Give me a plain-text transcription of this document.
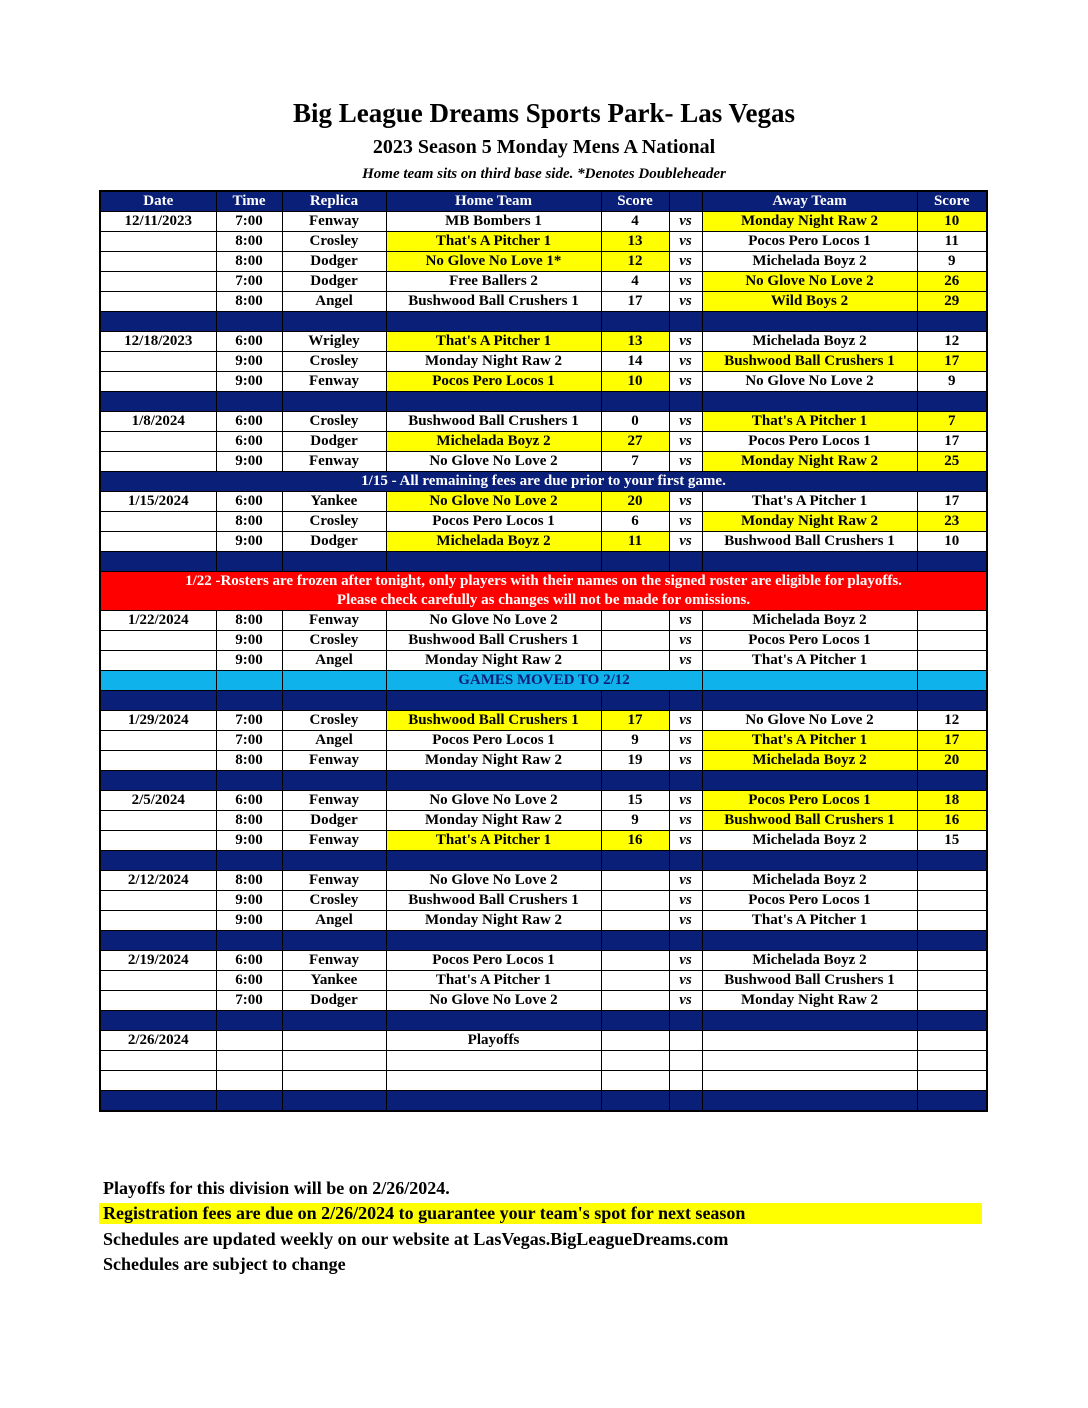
Big League Dreams Sports Park- Las Vegas
2023 Season 5 Monday Mens A National
Home team sits on third base side. *Denotes Doubleheader
Date	Time	Replica	Home Team	Score		Away Team	Score
12/11/2023	7:00	Fenway	MB Bombers 1	4	vs	Monday Night Raw 2	10
	8:00	Crosley	That's A Pitcher 1	13	vs	Pocos Pero Locos 1	11
	8:00	Dodger	No Glove No Love 1*	12	vs	Michelada Boyz 2	9
	7:00	Dodger	Free Ballers 2	4	vs	No Glove No Love 2	26
	8:00	Angel	Bushwood Ball Crushers 1	17	vs	Wild Boys 2	29

12/18/2023	6:00	Wrigley	That's A Pitcher 1	13	vs	Michelada Boyz 2	12
	9:00	Crosley	Monday Night Raw 2	14	vs	Bushwood Ball Crushers 1	17
	9:00	Fenway	Pocos Pero Locos 1	10	vs	No Glove No Love 2	9

1/8/2024	6:00	Crosley	Bushwood Ball Crushers 1	0	vs	That's A Pitcher 1	7
	6:00	Dodger	Michelada Boyz 2	27	vs	Pocos Pero Locos 1	17
	9:00	Fenway	No Glove No Love 2	7	vs	Monday Night Raw 2	25
1/15 - All remaining fees are due prior to your first game.							
1/15/2024	6:00	Yankee	No Glove No Love 2	20	vs	That's A Pitcher 1	17
	8:00	Crosley	Pocos Pero Locos 1	6	vs	Monday Night Raw 2	23
	9:00	Dodger	Michelada Boyz 2	11	vs	Bushwood Ball Crushers 1	10

1/22 -Rosters are frozen after tonight, only players with their names on the signed roster are eligible for playoffs.
Please check carefully as changes will not be made for omissions.							

1/22/2024	8:00	Fenway	No Glove No Love 2		vs	Michelada Boyz 2	
	9:00	Crosley	Bushwood Ball Crushers 1		vs	Pocos Pero Locos 1	
	9:00	Angel	Monday Night Raw 2		vs	That's A Pitcher 1	
			GAMES MOVED TO 2/12				

1/29/2024	7:00	Crosley	Bushwood Ball Crushers 1	17	vs	No Glove No Love 2	12
	7:00	Angel	Pocos Pero Locos 1	9	vs	That's A Pitcher 1	17
	8:00	Fenway	Monday Night Raw 2	19	vs	Michelada Boyz 2	20

2/5/2024	6:00	Fenway	No Glove No Love 2	15	vs	Pocos Pero Locos 1	18
	8:00	Dodger	Monday Night Raw 2	9	vs	Bushwood Ball Crushers 1	16
	9:00	Fenway	That's A Pitcher 1	16	vs	Michelada Boyz 2	15

2/12/2024	8:00	Fenway	No Glove No Love 2		vs	Michelada Boyz 2	
	9:00	Crosley	Bushwood Ball Crushers 1		vs	Pocos Pero Locos 1	
	9:00	Angel	Monday Night Raw 2		vs	That's A Pitcher 1	

2/19/2024	6:00	Fenway	Pocos Pero Locos 1		vs	Michelada Boyz 2	
	6:00	Yankee	That's A Pitcher 1		vs	Bushwood Ball Crushers 1	
	7:00	Dodger	No Glove No Love 2		vs	Monday Night Raw 2	

2/26/2024			Playoffs				

Playoffs for this division will be on 2/26/2024.
Registration fees are due on 2/26/2024 to guarantee your team's spot for next season
Schedules are updated weekly on our website at LasVegas.BigLeagueDreams.com
Schedules are subject to change
